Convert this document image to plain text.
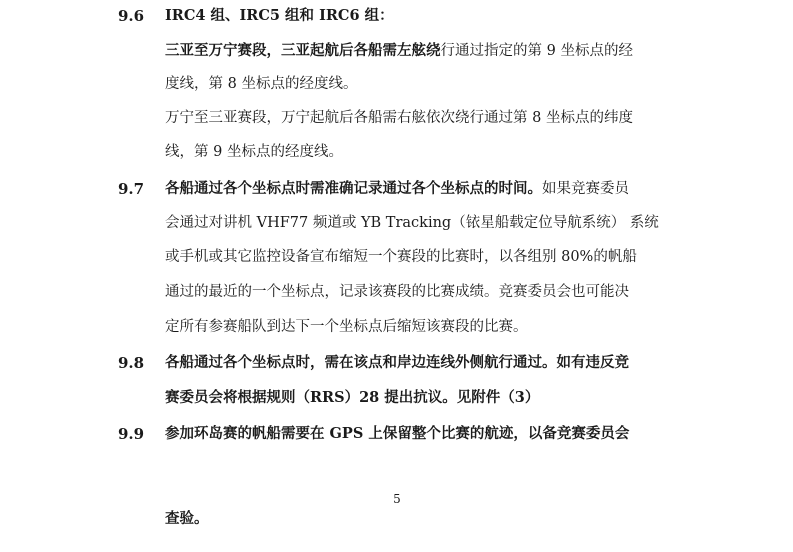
9.6 IRC4 组、IRC5 组和 IRC6 组：
三亚至万宁赛段，三亚起航后各船需左舷绕行通过指定的第 9 坐标点的经
度线，第 8 坐标点的经度线。
万宁至三亚赛段，万宁起航后各船需右舷依次绕行通过第 8 坐标点的纬度
线，第 9 坐标点的经度线。
9.7 各船通过各个坐标点时需准确记录通过各个坐标点的时间。如果竞赛委员
会通过对讲机 VHF77 频道或 YB Tracking（铱星船载定位导航系统） 系统
或手机或其它监控设备宣布缩短一个赛段的比赛时，以各组别 80%的帆船
通过的最近的一个坐标点，记录该赛段的比赛成绩。竞赛委员会也可能决
定所有参赛船队到达下一个坐标点后缩短该赛段的比赛。
9.8 各船通过各个坐标点时，需在该点和岸边连线外侧航行通过。如有违反竞
赛委员会将根据规则（RRS）28 提出抗议。见附件（3）
9.9 参加环岛赛的帆船需要在 GPS 上保留整个比赛的航迹，以备竞赛委员会
5
查验。
